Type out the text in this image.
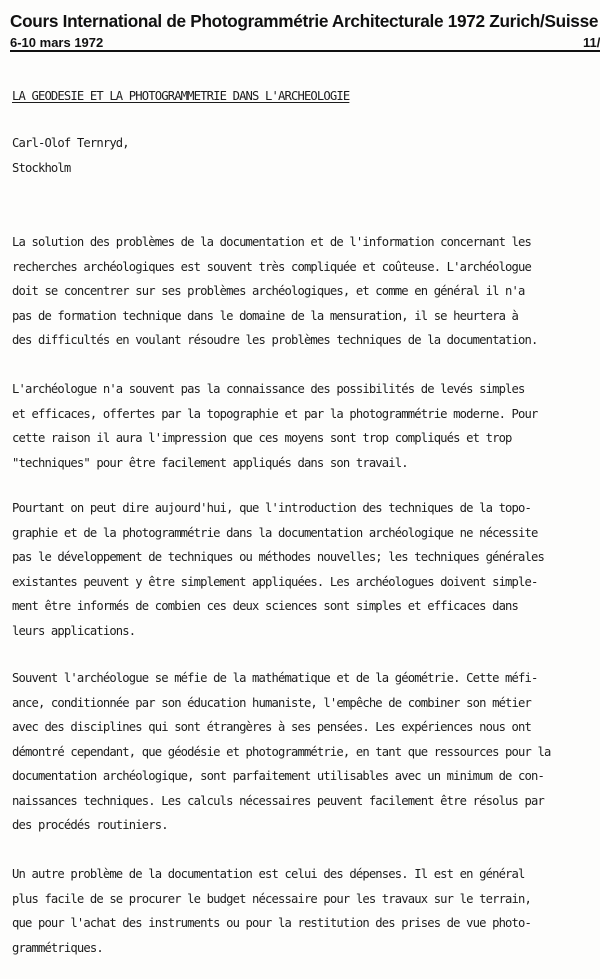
Cours International de Photogrammétrie Architecturale 1972 Zurich/Suisse
6-10 mars 1972	11/
LA GEODESIE ET LA PHOTOGRAMMETRIE DANS L'ARCHEOLOGIE
Carl-Olof Ternryd,
Stockholm
La solution des problèmes de la documentation et de l'information concernant les
recherches archéologiques est souvent très compliquée et coûteuse. L'archéologue
doit se concentrer sur ses problèmes archéologiques, et comme en général il n'a
pas de formation technique dans le domaine de la mensuration, il se heurtera à
des difficultés en voulant résoudre les problèmes techniques de la documentation.
L'archéologue n'a souvent pas la connaissance des possibilités de levés simples
et efficaces, offertes par la topographie et par la photogrammétrie moderne. Pour
cette raison il aura l'impression que ces moyens sont trop compliqués et trop
"techniques" pour être facilement appliqués dans son travail.
Pourtant on peut dire aujourd'hui, que l'introduction des techniques de la topo-
graphie et de la photogrammétrie dans la documentation archéologique ne nécessite
pas le développement de techniques ou méthodes nouvelles; les techniques générales
existantes peuvent y être simplement appliquées. Les archéologues doivent simple-
ment être informés de combien ces deux sciences sont simples et efficaces dans
leurs applications.
Souvent l'archéologue se méfie de la mathématique et de la géométrie. Cette méfi-
ance, conditionnée par son éducation humaniste, l'empêche de combiner son métier
avec des disciplines qui sont étrangères à ses pensées. Les expériences nous ont
démontré cependant, que géodésie et photogrammétrie, en tant que ressources pour la
documentation archéologique, sont parfaitement utilisables avec un minimum de con-
naissances techniques. Les calculs nécessaires peuvent facilement être résolus par
des procédés routiniers.
Un autre problème de la documentation est celui des dépenses. Il est en général
plus facile de se procurer le budget nécessaire pour les travaux sur le terrain,
que pour l'achat des instruments ou pour la restitution des prises de vue photo-
grammétriques.
